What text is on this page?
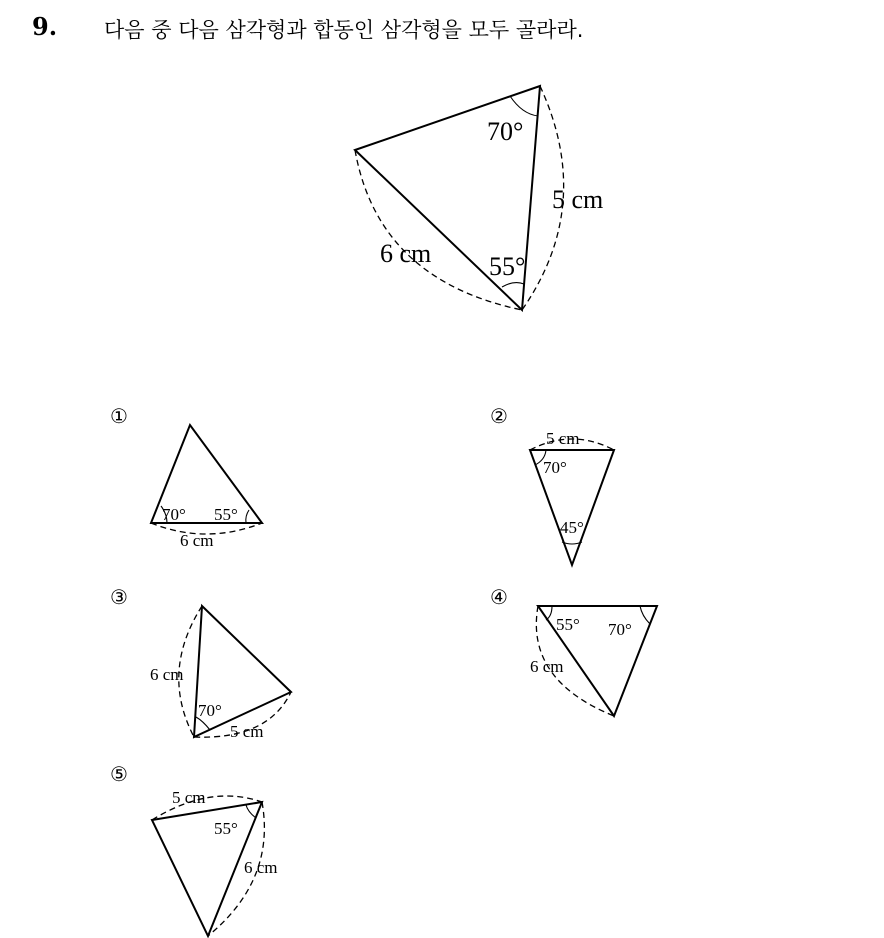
9. 다음 중 다음 삼각형과 합동인 삼각형을 모두 골라라.
70°
55°
5 cm
6 cm
①
70° 55°
6 cm
②
5 cm
70°
45°
③
6 cm
70°
5 cm
④
55° 70°
6 cm
⑤
5 cm
55°
6 cm
